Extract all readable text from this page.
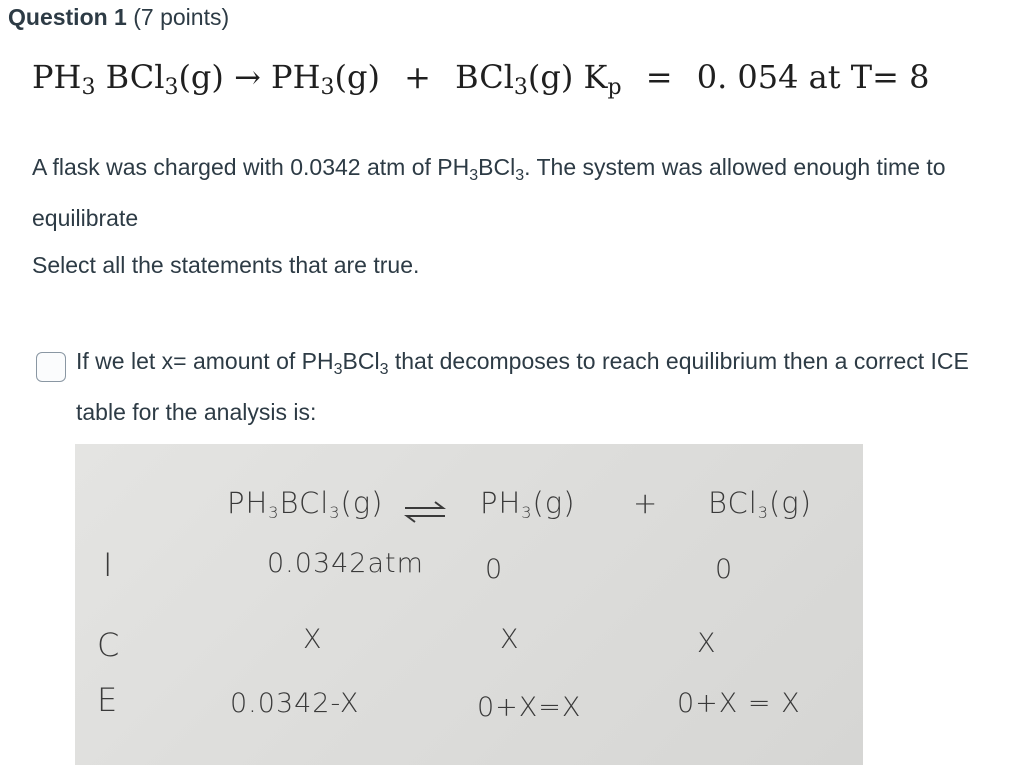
Question 1 (7 points)
$PH_3$ $BCl_3(g) \to PH_3(g) + BCl_3(g) K_p = 0$. 054 at T= 8
A flask was charged with 0.0342 atm of $PH_3BCl_3$. The system was allowed enough time to equilibrate
Select all the statements that are true.
If we let x= amount of $PH_3BCl_3$ that decomposes to reach equilibrium then a correct ICE table for the analysis is:
$PH_3BCl_3(g)$ ⇌ $PH_3(g) + BCl_3(g)$
I	0.0342atm 0	0
C	X	X	X
E	0.0342-X	0+X=X	0+X = X
